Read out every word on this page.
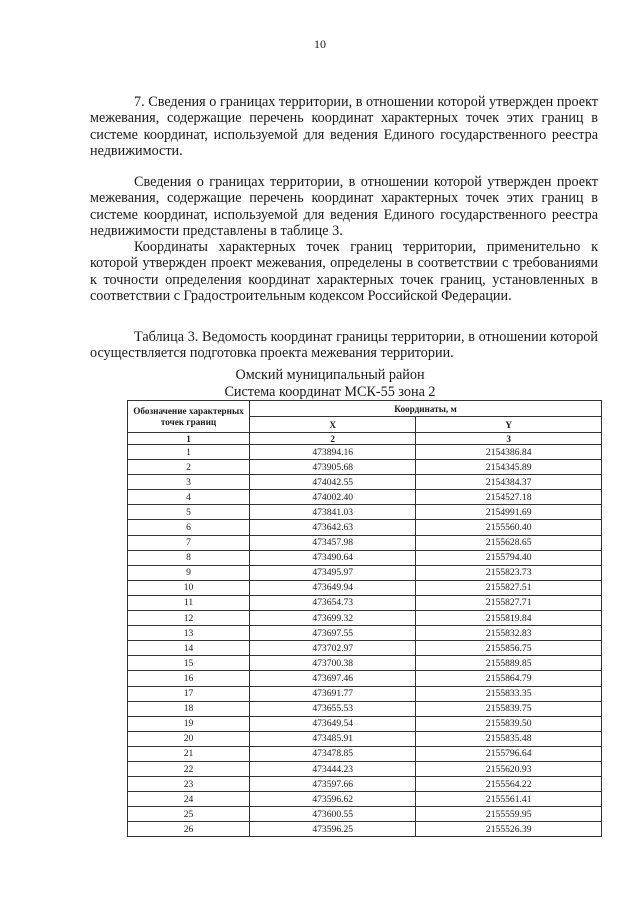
10

7. Сведения о границах территории, в отношении которой утвержден проект межевания, содержащие перечень координат характерных точек этих границ в системе координат, используемой для ведения Единого государственного реестра недвижимости.

Сведения о границах территории, в отношении которой утвержден проект межевания, содержащие перечень координат характерных точек этих границ в системе координат, используемой для ведения Единого государственного реестра недвижимости представлены в таблице 3.

Координаты характерных точек границ территории, применительно к которой утвержден проект межевания, определены в соответствии с требованиями к точности определения координат характерных точек границ, установленных в соответствии с Градостроительным кодексом Российской Федерации.

Таблица 3. Ведомость координат границы территории, в отношении которой осуществляется подготовка проекта межевания территории.

Омский муниципальный район
Система координат МСК-55 зона 2
Обозначение характерных точек границ	Координаты, м	
	X	Y
1	2	3
1	473894.16	2154386.84
2	473905.68	2154345.89
3	474042.55	2154384.37
4	474002.40	2154527.18
5	473841.03	2154991.69
6	473642.63	2155560.40
7	473457.98	2155628.65
8	473490.64	2155794.40
9	473495.97	2155823.73
10	473649.94	2155827.51
11	473654.73	2155827.71
12	473699.32	2155819.84
13	473697.55	2155832.83
14	473702.97	2155856.75
15	473700.38	2155889.85
16	473697.46	2155864.79
17	473691.77	2155833.35
18	473655.53	2155839.75
19	473649.54	2155839.50
20	473485.91	2155835.48
21	473478.85	2155796.64
22	473444.23	2155620.93
23	473597.66	2155564.22
24	473596.62	2155561.41
25	473600.55	2155559.95
26	473596.25	2155526.39
